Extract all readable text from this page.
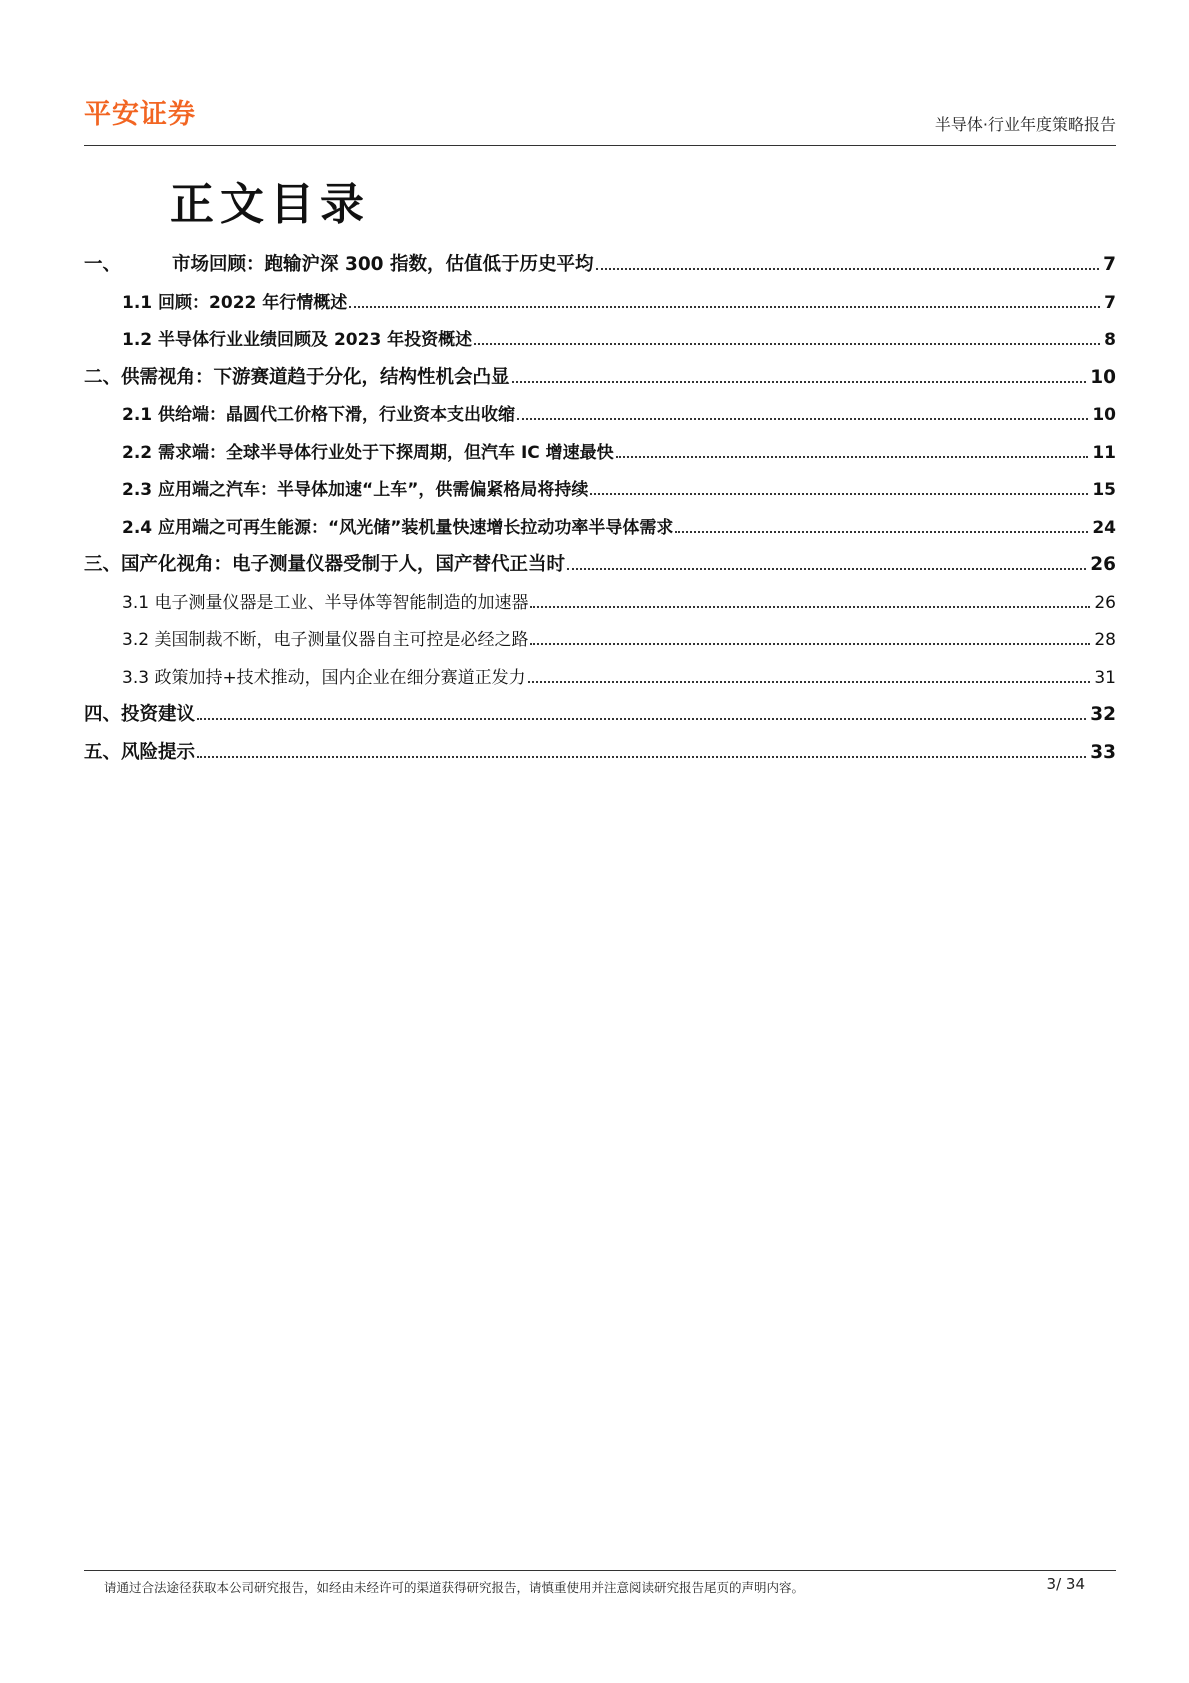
平安证券	半导体·行业年度策略报告
正文目录
一、	市场回顾：跑输沪深 300 指数，估值低于历史平均	7
1.1 回顾：2022 年行情概述	7
1.2 半导体行业业绩回顾及 2023 年投资概述	8
二、供需视角：下游赛道趋于分化，结构性机会凸显	10
2.1 供给端：晶圆代工价格下滑，行业资本支出收缩	10
2.2 需求端：全球半导体行业处于下探周期，但汽车 IC 增速最快	11
2.3 应用端之汽车：半导体加速“上车”，供需偏紧格局将持续	15
2.4 应用端之可再生能源：“风光储”装机量快速增长拉动功率半导体需求	24
三、国产化视角：电子测量仪器受制于人，国产替代正当时	26
3.1 电子测量仪器是工业、半导体等智能制造的加速器	26
3.2 美国制裁不断，电子测量仪器自主可控是必经之路	28
3.3 政策加持+技术推动，国内企业在细分赛道正发力	31
四、投资建议	32
五、风险提示	33
请通过合法途径获取本公司研究报告，如经由未经许可的渠道获得研究报告，请慎重使用并注意阅读研究报告尾页的声明内容。	3/ 34
